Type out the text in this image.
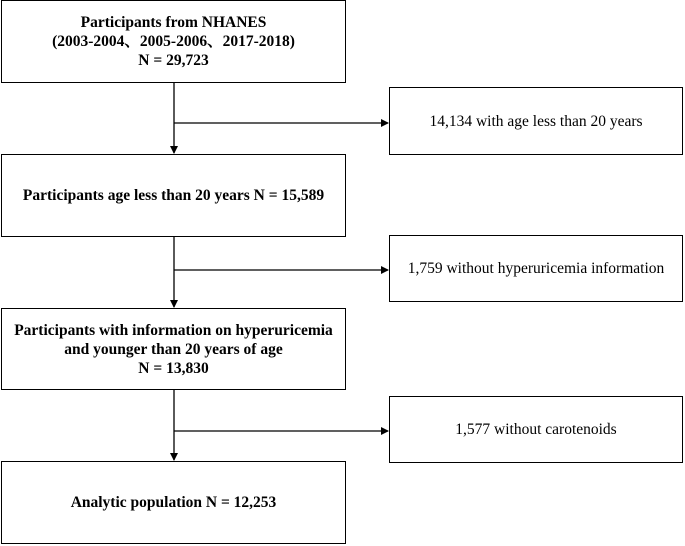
Participants from NHANES
(2003-2004、2005-2006、2017-2018)
N = 29,723
Participants age less than 20 years N = 15,589
Participants with information on hyperuricemia
and younger than 20 years of age
N = 13,830
Analytic population N = 12,253
14,134 with age less than 20 years
1,759 without hyperuricemia information
1,577 without carotenoids
